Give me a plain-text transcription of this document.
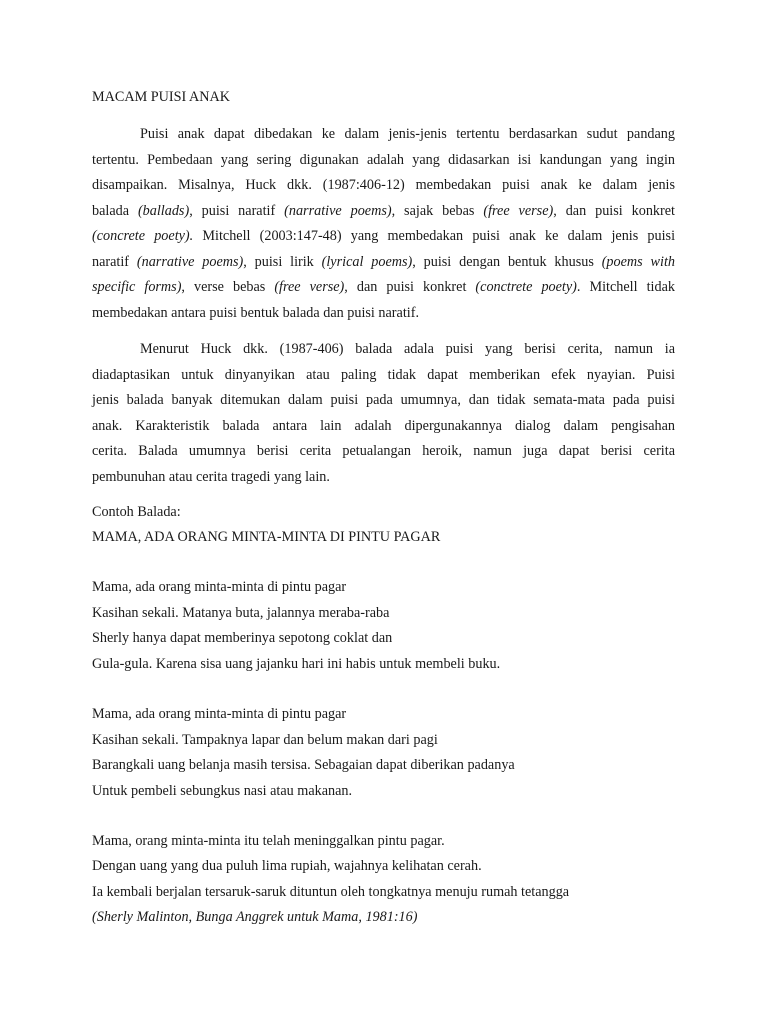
MACAM PUISI ANAK
Puisi anak dapat dibedakan ke dalam jenis-jenis tertentu berdasarkan sudut pandang
tertentu. Pembedaan yang sering digunakan adalah yang didasarkan isi kandungan yang ingin
disampaikan. Misalnya, Huck dkk. (1987:406-12) membedakan puisi anak ke dalam jenis
balada (ballads), puisi naratif (narrative poems), sajak bebas (free verse), dan puisi konkret
(concrete poety). Mitchell (2003:147-48) yang membedakan puisi anak ke dalam jenis puisi
naratif (narrative poems), puisi lirik (lyrical poems), puisi dengan bentuk khusus (poems with
specific forms), verse bebas (free verse), dan puisi konkret (conctrete poety). Mitchell tidak
membedakan antara puisi bentuk balada dan puisi naratif.
Menurut Huck dkk. (1987-406) balada adala puisi yang berisi cerita, namun ia
diadaptasikan untuk dinyanyikan atau paling tidak dapat memberikan efek nyayian. Puisi
jenis balada banyak ditemukan dalam puisi pada umumnya, dan tidak semata-mata pada puisi
anak. Karakteristik balada antara lain adalah dipergunakannya dialog dalam pengisahan
cerita. Balada umumnya berisi cerita petualangan heroik, namun juga dapat berisi cerita
pembunuhan atau cerita tragedi yang lain.
Contoh Balada:
MAMA, ADA ORANG MINTA-MINTA DI PINTU PAGAR
Mama, ada orang minta-minta di pintu pagar
Kasihan sekali. Matanya buta, jalannya meraba-raba
Sherly hanya dapat memberinya sepotong coklat dan
Gula-gula. Karena sisa uang jajanku hari ini habis untuk membeli buku.
Mama, ada orang minta-minta di pintu pagar
Kasihan sekali. Tampaknya lapar dan belum makan dari pagi
Barangkali uang belanja masih tersisa. Sebagaian dapat diberikan padanya
Untuk pembeli sebungkus nasi atau makanan.
Mama, orang minta-minta itu telah meninggalkan pintu pagar.
Dengan uang yang dua puluh lima rupiah, wajahnya kelihatan cerah.
Ia kembali berjalan tersaruk-saruk dituntun oleh tongkatnya menuju rumah tetangga
(Sherly Malinton, Bunga Anggrek untuk Mama, 1981:16)
